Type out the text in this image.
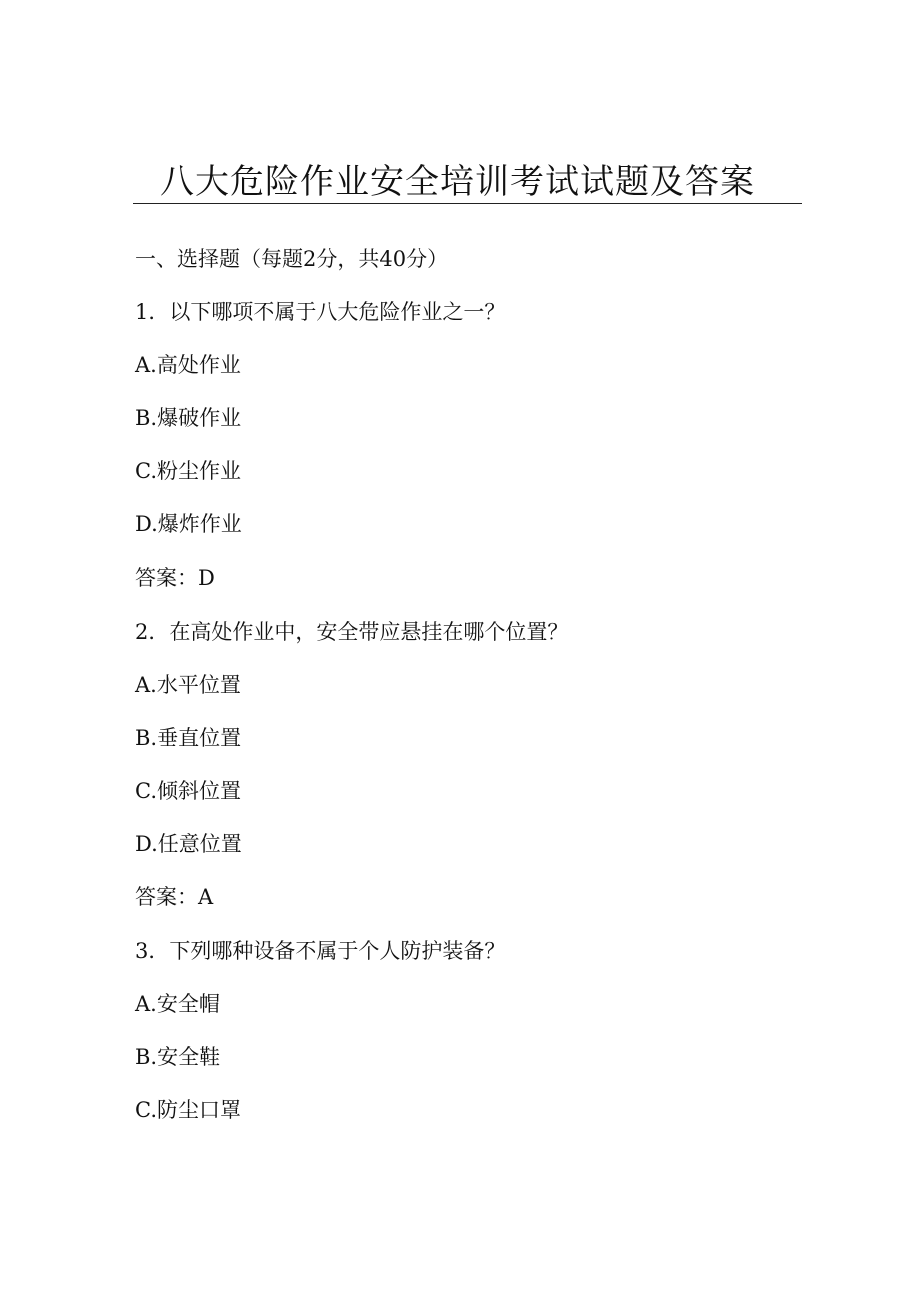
八大危险作业安全培训考试试题及答案
一、选择题（每题2分，共40分）
1．以下哪项不属于八大危险作业之一？
A.高处作业
B.爆破作业
C.粉尘作业
D.爆炸作业
答案：D
2．在高处作业中，安全带应悬挂在哪个位置？
A.水平位置
B.垂直位置
C.倾斜位置
D.任意位置
答案：A
3．下列哪种设备不属于个人防护装备？
A.安全帽
B.安全鞋
C.防尘口罩
